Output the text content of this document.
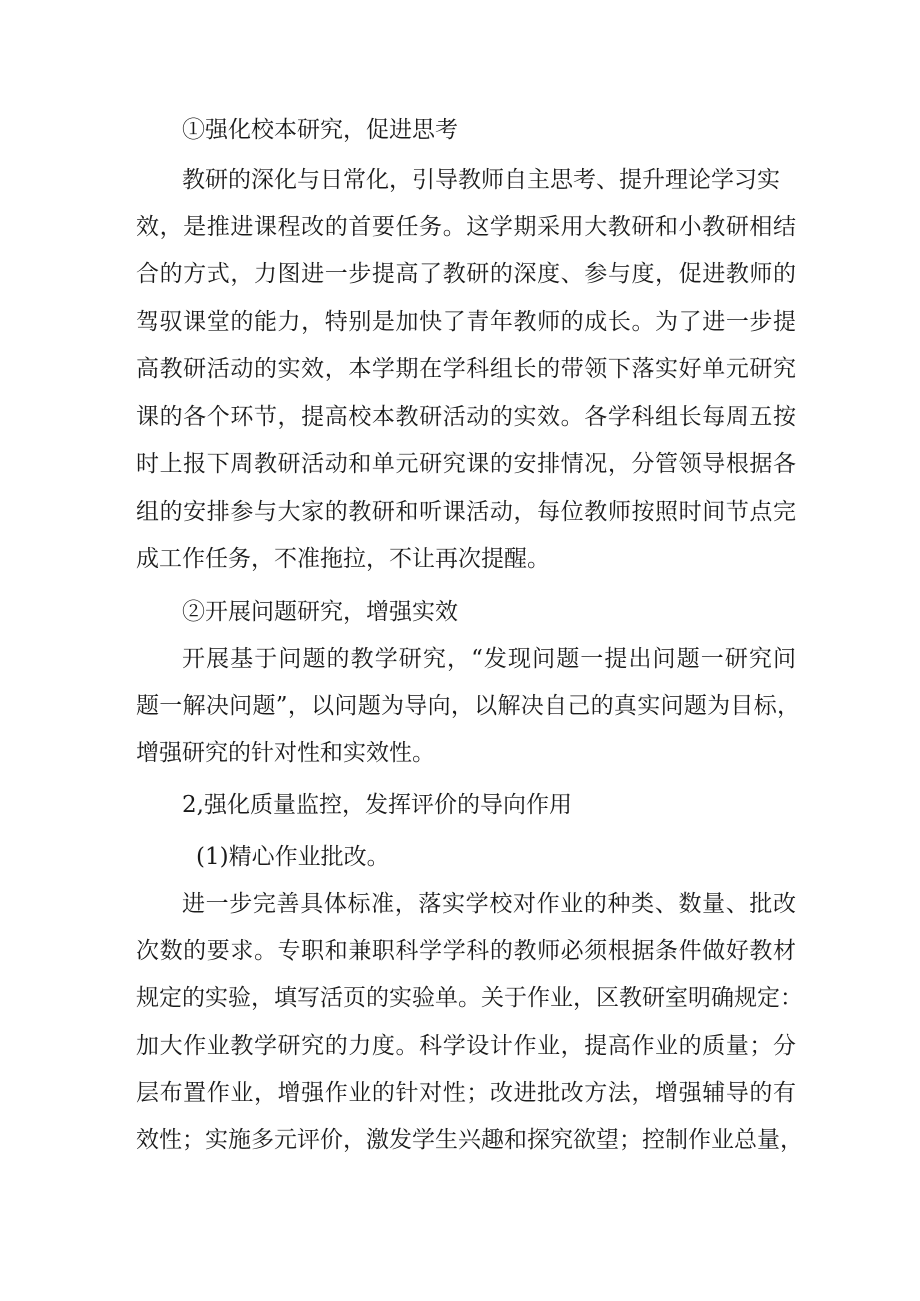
①强化校本研究，促进思考
教研的深化与日常化，引导教师自主思考、提升理论学习实
效，是推进课程改的首要任务。这学期采用大教研和小教研相结
合的方式，力图进一步提高了教研的深度、参与度，促进教师的
驾驭课堂的能力，特别是加快了青年教师的成长。为了进一步提
高教研活动的实效，本学期在学科组长的带领下落实好单元研究
课的各个环节，提高校本教研活动的实效。各学科组长每周五按
时上报下周教研活动和单元研究课的安排情况，分管领导根据各
组的安排参与大家的教研和听课活动，每位教师按照时间节点完
成工作任务，不准拖拉，不让再次提醒。
②开展问题研究，增强实效
开展基于问题的教学研究，“发现问题一提出问题一研究问
题一解决问题”，以问题为导向，以解决自己的真实问题为目标，
增强研究的针对性和实效性。
2,强化质量监控，发挥评价的导向作用
(1)精心作业批改。
进一步完善具体标准，落实学校对作业的种类、数量、批改
次数的要求。专职和兼职科学学科的教师必须根据条件做好教材
规定的实验，填写活页的实验单。关于作业，区教研室明确规定：
加大作业教学研究的力度。科学设计作业，提高作业的质量；分
层布置作业，增强作业的针对性；改进批改方法，增强辅导的有
效性；实施多元评价，激发学生兴趣和探究欲望；控制作业总量，
